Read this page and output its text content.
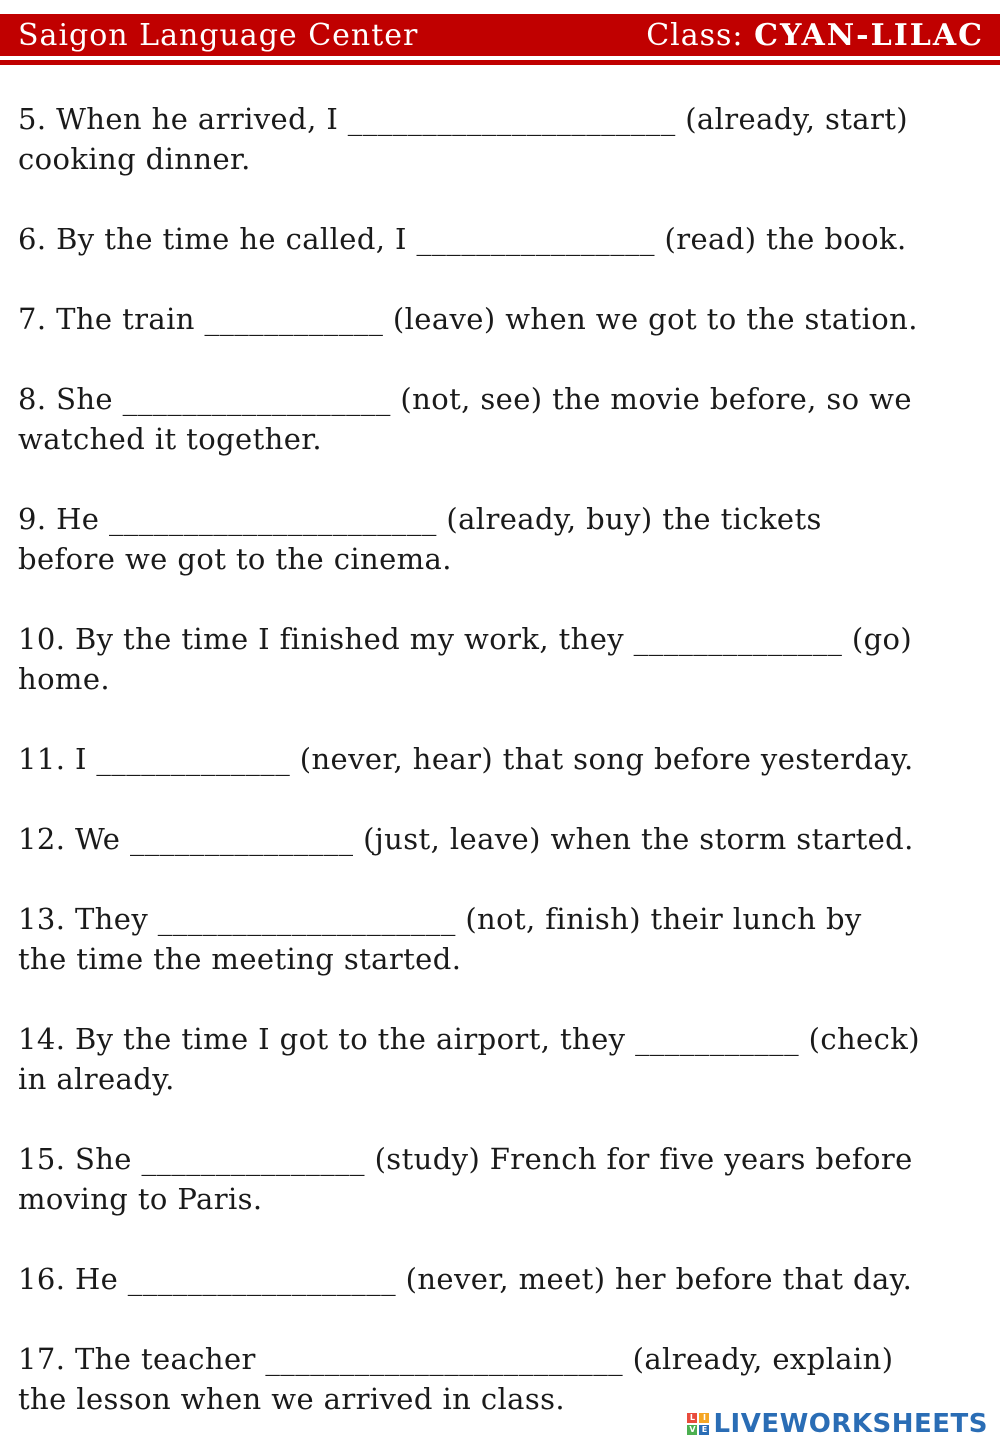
Saigon Language Center	Class: CYAN-LILAC
5. When he arrived, I ______________________ (already, start)
cooking dinner.
6. By the time he called, I ________________ (read) the book.
7. The train ____________ (leave) when we got to the station.
8. She __________________ (not, see) the movie before, so we
watched it together.
9. He ______________________ (already, buy) the tickets
before we got to the cinema.
10. By the time I finished my work, they ______________ (go)
home.
11. I _____________ (never, hear) that song before yesterday.
12. We _______________ (just, leave) when the storm started.
13. They ____________________ (not, finish) their lunch by
the time the meeting started.
14. By the time I got to the airport, they ___________ (check)
in already.
15. She _______________ (study) French for five years before
moving to Paris.
16. He __________________ (never, meet) her before that day.
17. The teacher ________________________ (already, explain)
the lesson when we arrived in class.
L I
V E LIVEWORKSHEETS
